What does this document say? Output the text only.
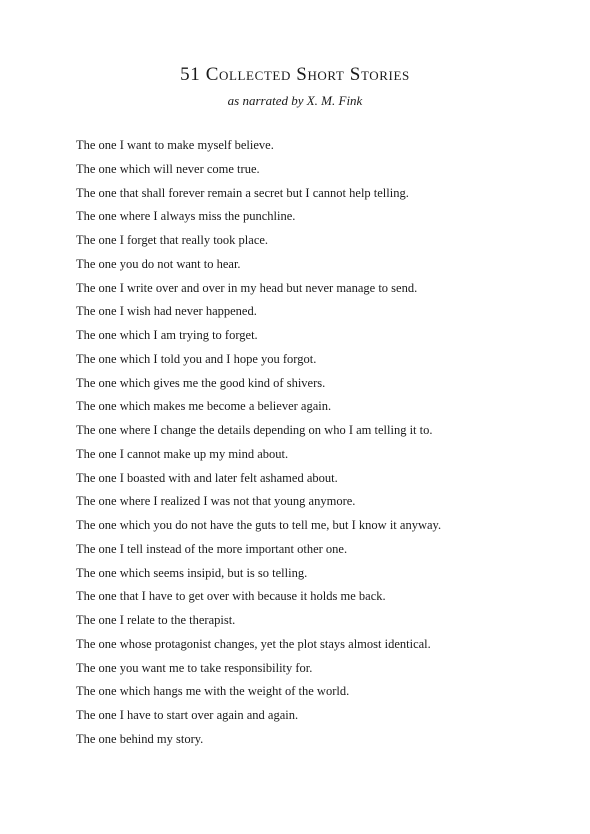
51 Collected Short Stories

as narrated by X. M. Fink

The one I want to make myself believe.
The one which will never come true.
The one that shall forever remain a secret but I cannot help telling.
The one where I always miss the punchline.
The one I forget that really took place.
The one you do not want to hear.
The one I write over and over in my head but never manage to send.
The one I wish had never happened.
The one which I am trying to forget.
The one which I told you and I hope you forgot.
The one which gives me the good kind of shivers.
The one which makes me become a believer again.
The one where I change the details depending on who I am telling it to.
The one I cannot make up my mind about.
The one I boasted with and later felt ashamed about.
The one where I realized I was not that young anymore.
The one which you do not have the guts to tell me, but I know it anyway.
The one I tell instead of the more important other one.
The one which seems insipid, but is so telling.
The one that I have to get over with because it holds me back.
The one I relate to the therapist.
The one whose protagonist changes, yet the plot stays almost identical.
The one you want me to take responsibility for.
The one which hangs me with the weight of the world.
The one I have to start over again and again.
The one behind my story.
